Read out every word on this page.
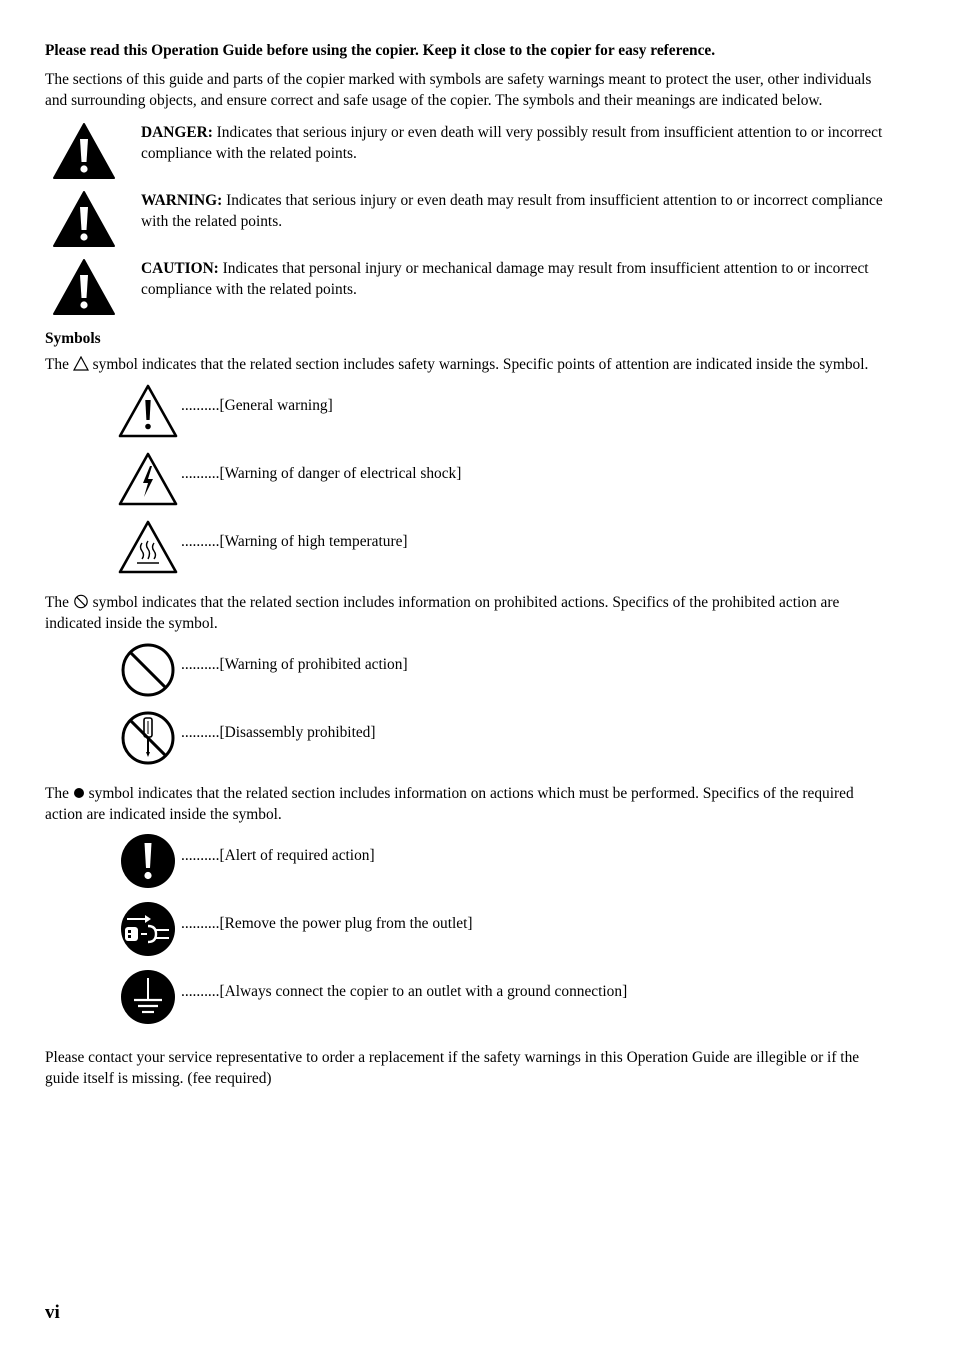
Please read this Operation Guide before using the copier. Keep it close to the copier for easy reference.

The sections of this guide and parts of the copier marked with symbols are safety warnings meant to protect the user, other individuals and surrounding objects, and ensure correct and safe usage of the copier. The symbols and their meanings are indicated below.

DANGER: Indicates that serious injury or even death will very possibly result from insufficient attention to or incorrect compliance with the related points.

WARNING: Indicates that serious injury or even death may result from insufficient attention to or incorrect compliance with the related points.

CAUTION: Indicates that personal injury or mechanical damage may result from insufficient attention to or incorrect compliance with the related points.

Symbols

The  symbol indicates that the related section includes safety warnings. Specific points of attention are indicated inside the symbol.

..........[General warning]
..........[Warning of danger of electrical shock]
..........[Warning of high temperature]

The  symbol indicates that the related section includes information on prohibited actions. Specifics of the prohibited action are indicated inside the symbol.

..........[Warning of prohibited action]
..........[Disassembly prohibited]

The  symbol indicates that the related section includes information on actions which must be performed. Specifics of the required action are indicated inside the symbol.

..........[Alert of required action]
..........[Remove the power plug from the outlet]
..........[Always connect the copier to an outlet with a ground connection]

Please contact your service representative to order a replacement if the safety warnings in this Operation Guide are illegible or if the guide itself is missing. (fee required)

vi
